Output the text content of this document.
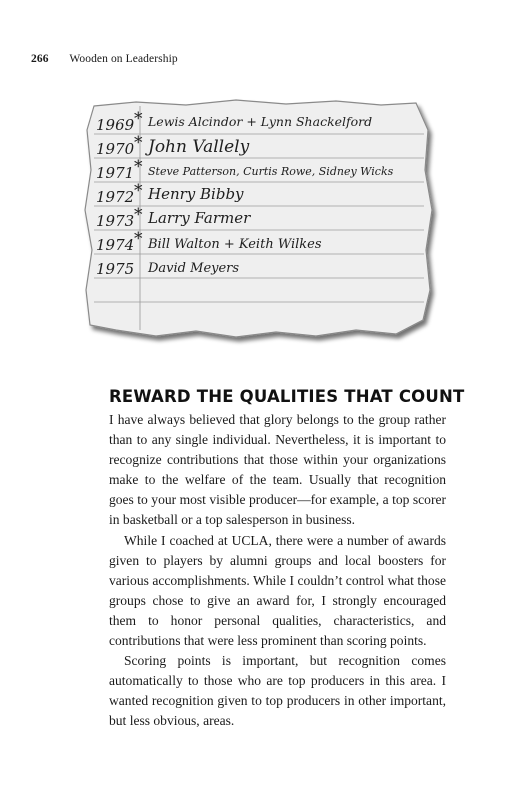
266 Wooden on Leadership
*
*
*
*
*
*
1969
1970
1971
1972
1973
1974
1975
Lewis Alcindor + Lynn Shackelford
John Vallely
Steve Patterson, Curtis Rowe, Sidney Wicks
Henry Bibby
Larry Farmer
Bill Walton + Keith Wilkes
David Meyers
REWARD THE QUALITIES THAT COUNT

I have always believed that glory belongs to the group rather than to any single individual. Nevertheless, it is important to recognize contributions that those within your organizations make to the welfare of the team. Usually that recognition goes to your most visible producer—for example, a top scorer in basketball or a top salesperson in business.

While I coached at UCLA, there were a number of awards given to players by alumni groups and local boosters for various accomplishments. While I couldn’t control what those groups chose to give an award for, I strongly encouraged them to honor personal qualities, characteristics, and contributions that were less prominent than scoring points.

Scoring points is important, but recognition comes automatically to those who are top producers in this area. I wanted recognition given to top producers in other important, but less obvious, areas.
